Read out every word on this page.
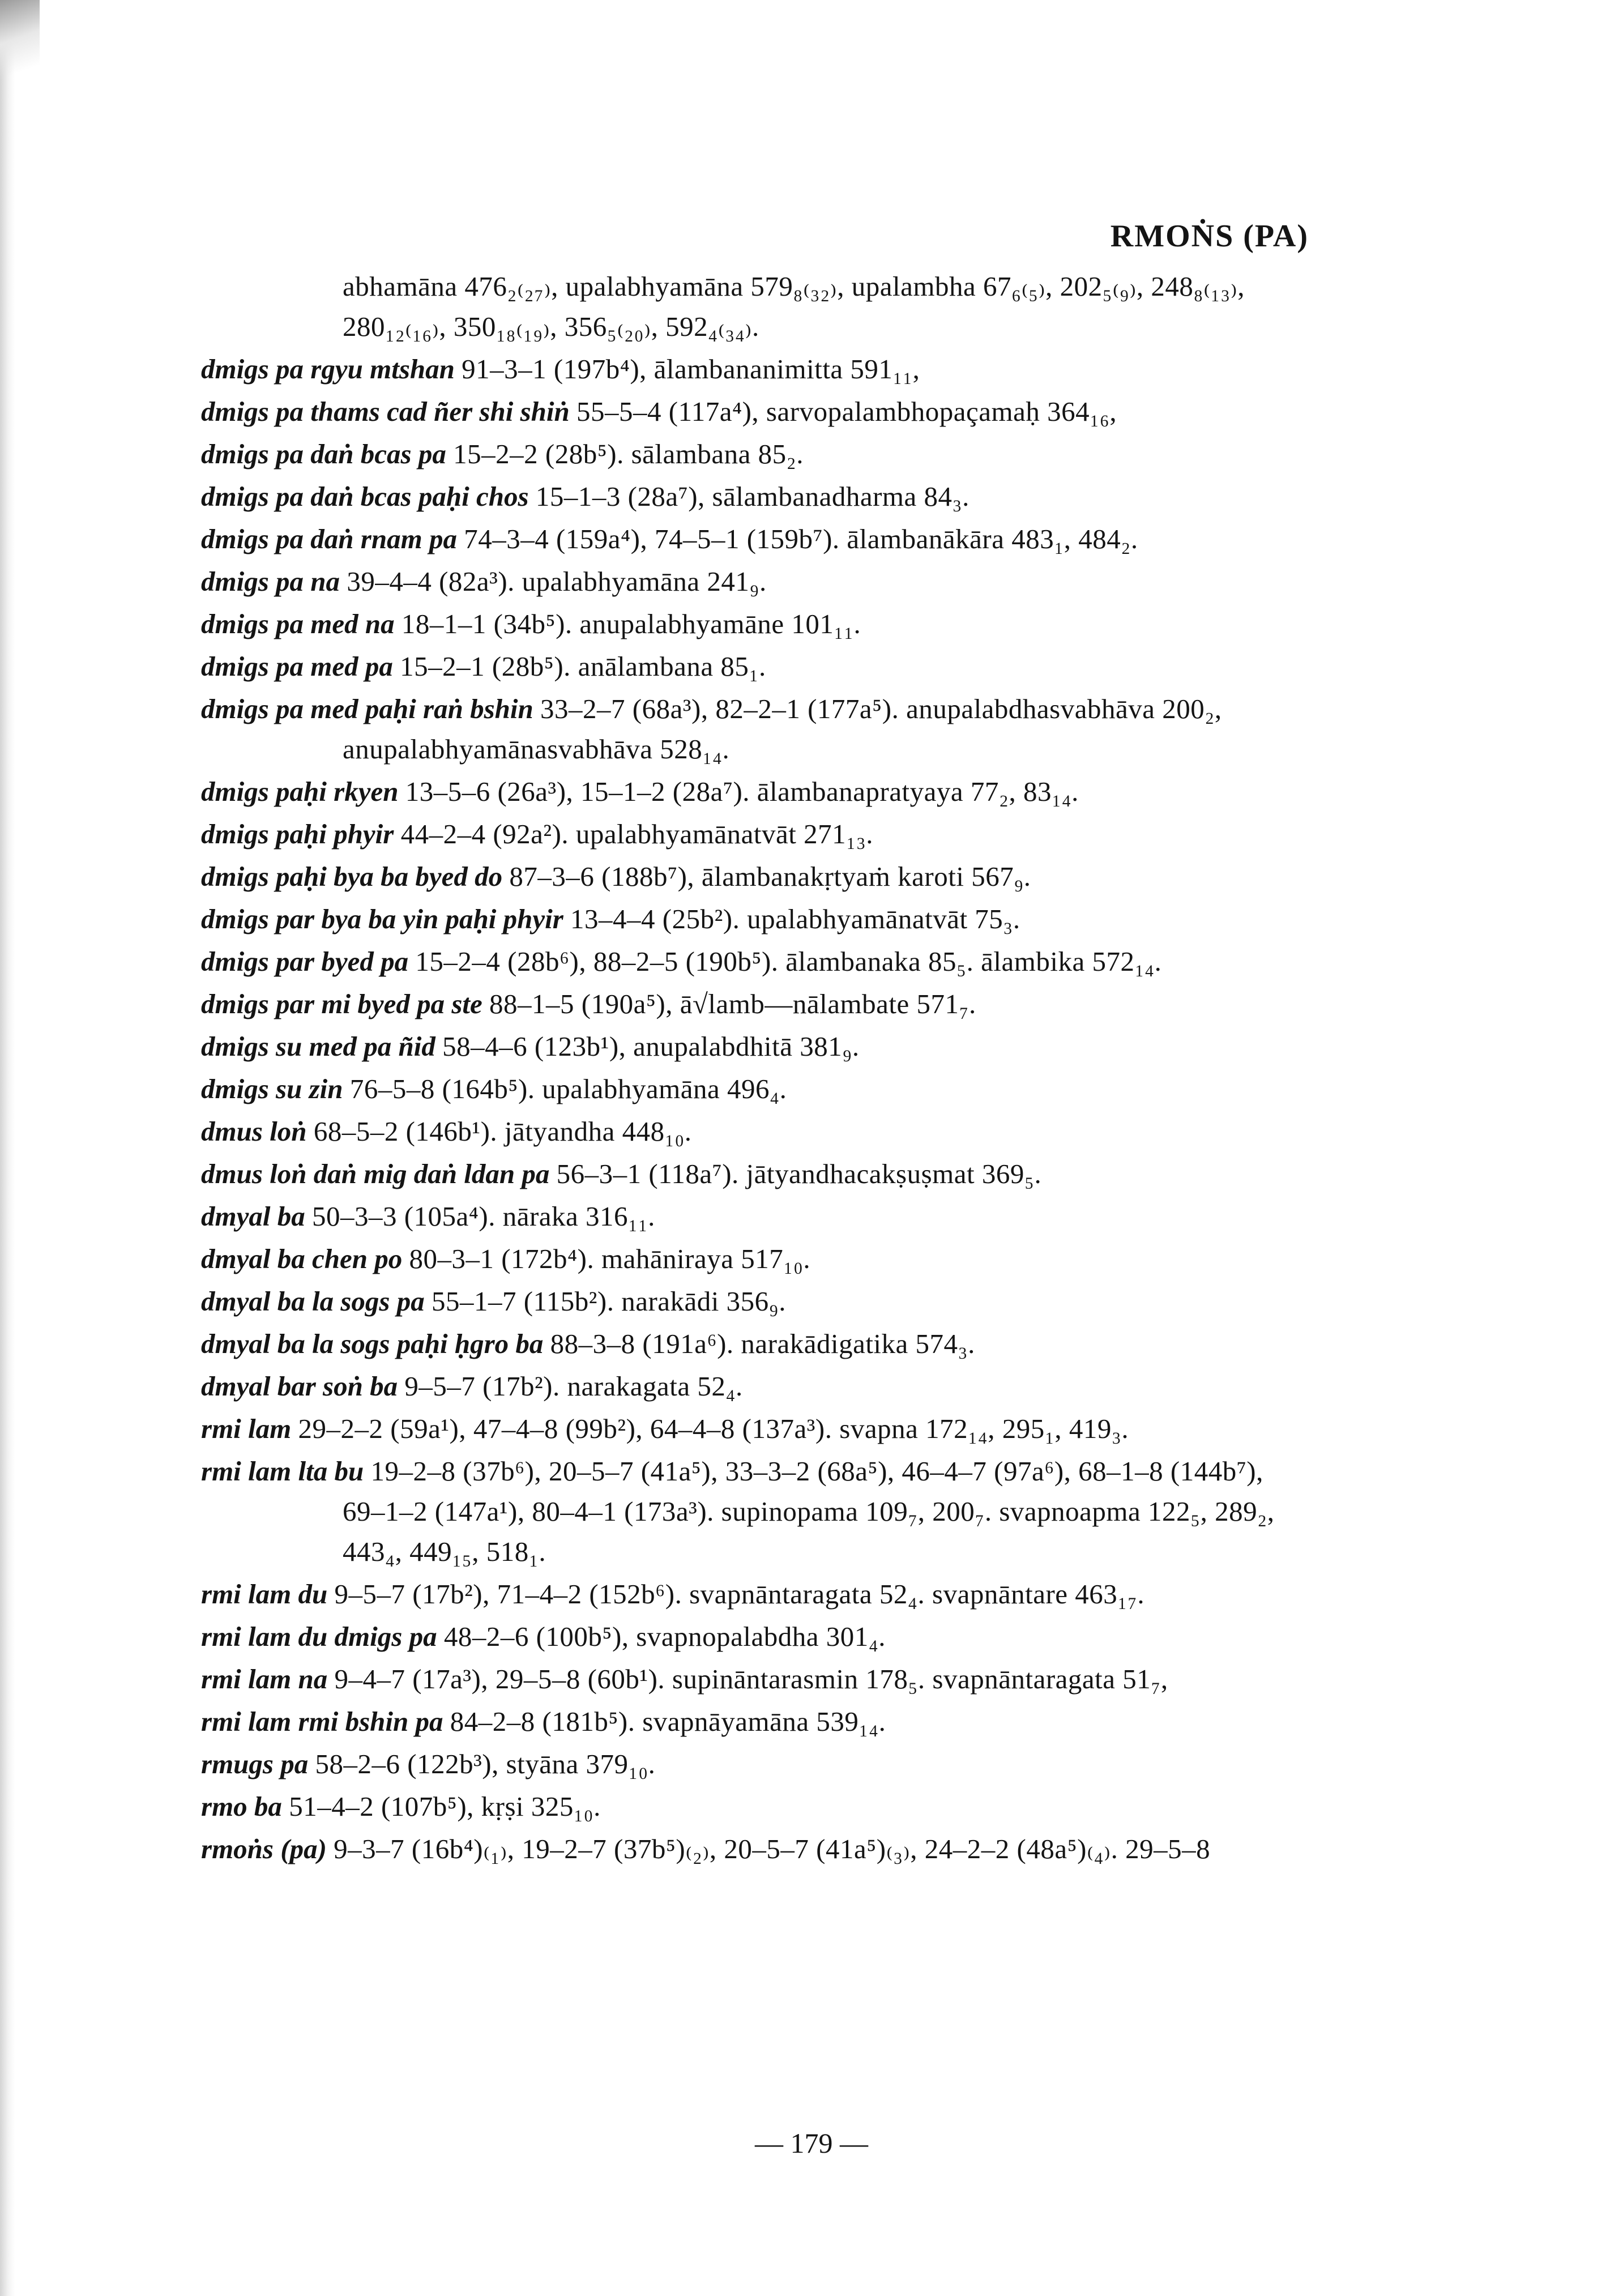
RMOṄS (PA)
abhamāna 476₂₍₂₇₎, upalabhyamāna 579₈₍₃₂₎, upalambha 67₆₍₅₎, 202₅₍₉₎, 248₈₍₁₃₎, 280₁₂₍₁₆₎, 350₁₈₍₁₉₎, 356₅₍₂₀₎, 592₄₍₃₄₎.
dmigs pa rgyu mtshan 91–3–1 (197b⁴), ālambananimitta 591₁₁,
dmigs pa thams cad ñer shi shiṅ 55–5–4 (117a⁴), sarvopalambhopaçamaḥ 364₁₆,
dmigs pa daṅ bcas pa 15–2–2 (28b⁵). sālambana 85₂.
dmigs pa daṅ bcas paḥi chos 15–1–3 (28a⁷), sālambanadharma 84₃.
dmigs pa daṅ rnam pa 74–3–4 (159a⁴), 74–5–1 (159b⁷). ālambanākāra 483₁, 484₂.
dmigs pa na 39–4–4 (82a³). upalabhyamāna 241₉.
dmigs pa med na 18–1–1 (34b⁵). anupalabhyamāne 101₁₁.
dmigs pa med pa 15–2–1 (28b⁵). anālambana 85₁.
dmigs pa med paḥi raṅ bshin 33–2–7 (68a³), 82–2–1 (177a⁵). anupalabdhasvabhāva 200₂, anupalabhyamānasvabhāva 528₁₄.
dmigs paḥi rkyen 13–5–6 (26a³), 15–1–2 (28a⁷). ālambanapratyaya 77₂, 83₁₄.
dmigs paḥi phyir 44–2–4 (92a²). upalabhyamānatvāt 271₁₃.
dmigs paḥi bya ba byed do 87–3–6 (188b⁷), ālambanakṛtyaṁ karoti 567₉.
dmigs par bya ba yin paḥi phyir 13–4–4 (25b²). upalabhyamānatvāt 75₃.
dmigs par byed pa 15–2–4 (28b⁶), 88–2–5 (190b⁵). ālambanaka 85₅. ālambika 572₁₄.
dmigs par mi byed pa ste 88–1–5 (190a⁵), ā√lamb—nālambate 571₇.
dmigs su med pa ñid 58–4–6 (123b¹), anupalabdhitā 381₉.
dmigs su zin 76–5–8 (164b⁵). upalabhyamāna 496₄.
dmus loṅ 68–5–2 (146b¹). jātyandha 448₁₀.
dmus loṅ daṅ mig daṅ ldan pa 56–3–1 (118a⁷). jātyandhacakṣuṣmat 369₅.
dmyal ba 50–3–3 (105a⁴). nāraka 316₁₁.
dmyal ba chen po 80–3–1 (172b⁴). mahāniraya 517₁₀.
dmyal ba la sogs pa 55–1–7 (115b²). narakādi 356₉.
dmyal ba la sogs paḥi ḥgro ba 88–3–8 (191a⁶). narakādigatika 574₃.
dmyal bar soṅ ba 9–5–7 (17b²). narakagata 52₄.
rmi lam 29–2–2 (59a¹), 47–4–8 (99b²), 64–4–8 (137a³). svapna 172₁₄, 295₁, 419₃.
rmi lam lta bu 19–2–8 (37b⁶), 20–5–7 (41a⁵), 33–3–2 (68a⁵), 46–4–7 (97a⁶), 68–1–8 (144b⁷), 69–1–2 (147a¹), 80–4–1 (173a³). supinopama 109₇, 200₇. svapnoapma 122₅, 289₂, 443₄, 449₁₅, 518₁.
rmi lam du 9–5–7 (17b²), 71–4–2 (152b⁶). svapnāntaragata 52₄. svapnāntare 463₁₇.
rmi lam du dmigs pa 48–2–6 (100b⁵), svapnopalabdha 301₄.
rmi lam na 9–4–7 (17a³), 29–5–8 (60b¹). supināntarasmin 178₅. svapnāntaragata 51₇,
rmi lam rmi bshin pa 84–2–8 (181b⁵). svapnāyamāna 539₁₄.
rmugs pa 58–2–6 (122b³), styāna 379₁₀.
rmo ba 51–4–2 (107b⁵), kṛṣi 325₁₀.
rmoṅs (pa) 9–3–7 (16b⁴)₍₁₎, 19–2–7 (37b⁵)₍₂₎, 20–5–7 (41a⁵)₍₃₎, 24–2–2 (48a⁵)₍₄₎. 29–5–8
— 179 —
